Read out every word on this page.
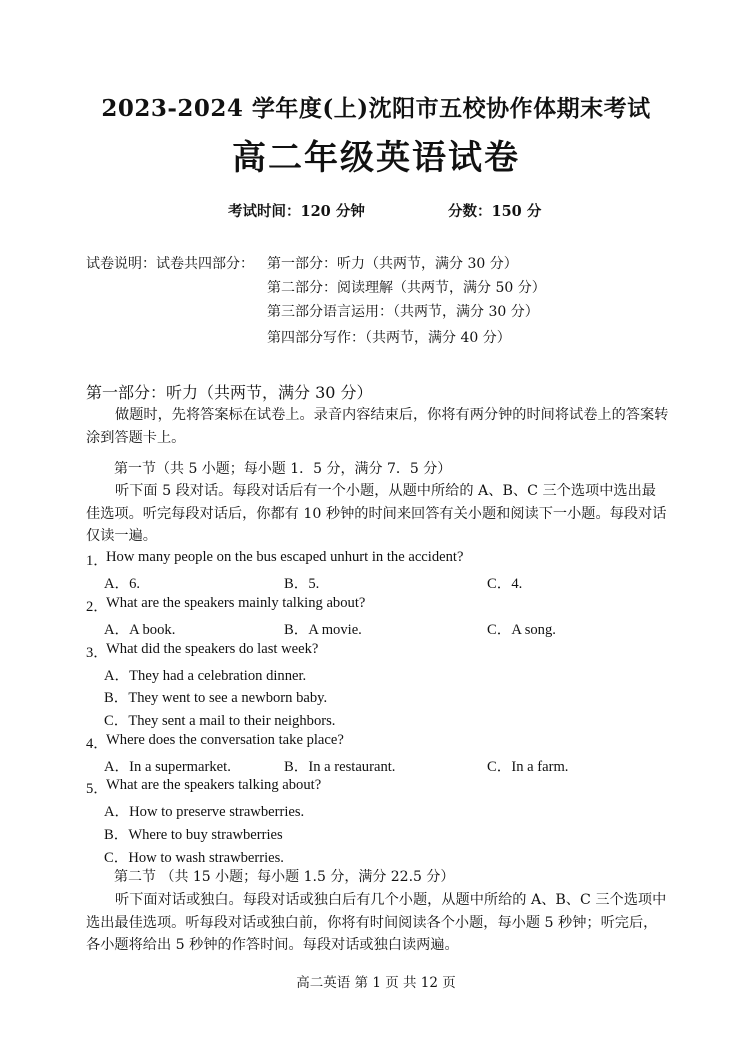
2023-2024 学年度(上)沈阳市五校协作体期末考试
高二年级英语试卷
考试时间：120 分钟	分数：150 分
试卷说明：试卷共四部分： 第一部分：听力（共两节，满分 30 分）
第二部分：阅读理解（共两节，满分 50 分）
第三部分语言运用：（共两节，满分 30 分）
第四部分写作：（共两节，满分 40 分）
第一部分：听力（共两节，满分 30 分）
做题时，先将答案标在试卷上。录音内容结束后，你将有两分钟的时间将试卷上的答案转涂到答题卡上。
第一节（共 5 小题；每小题 1．5 分，满分 7．5 分）
听下面 5 段对话。每段对话后有一个小题，从题中所给的 A、B、C 三个选项中选出最佳选项。听完每段对话后，你都有 10 秒钟的时间来回答有关小题和阅读下一小题。每段对话仅读一遍。
1．
How many people on the bus escaped unhurt in the accident?
A．6.	B．5.	C．4.
2．
What are the speakers mainly talking about?
A．A book.	B．A movie.	C．A song.
3．
What did the speakers do last week?
A．They had a celebration dinner.
B．They went to see a newborn baby.
C．They sent a mail to their neighbors.
4．
Where does the conversation take place?
A．In a supermarket.	B．In a restaurant.	C．In a farm.
5．
What are the speakers talking about?
A．How to preserve strawberries.
B．Where to buy strawberries
C．How to wash strawberries.
第二节 （共 15 小题；每小题 1.5 分，满分 22.5 分）
听下面对话或独白。每段对话或独白后有几个小题，从题中所给的 A、B、C 三个选项中选出最佳选项。听每段对话或独白前，你将有时间阅读各个小题，每小题 5 秒钟；听完后，各小题将给出 5 秒钟的作答时间。每段对话或独白读两遍。
高二英语 第 1 页 共 12 页
